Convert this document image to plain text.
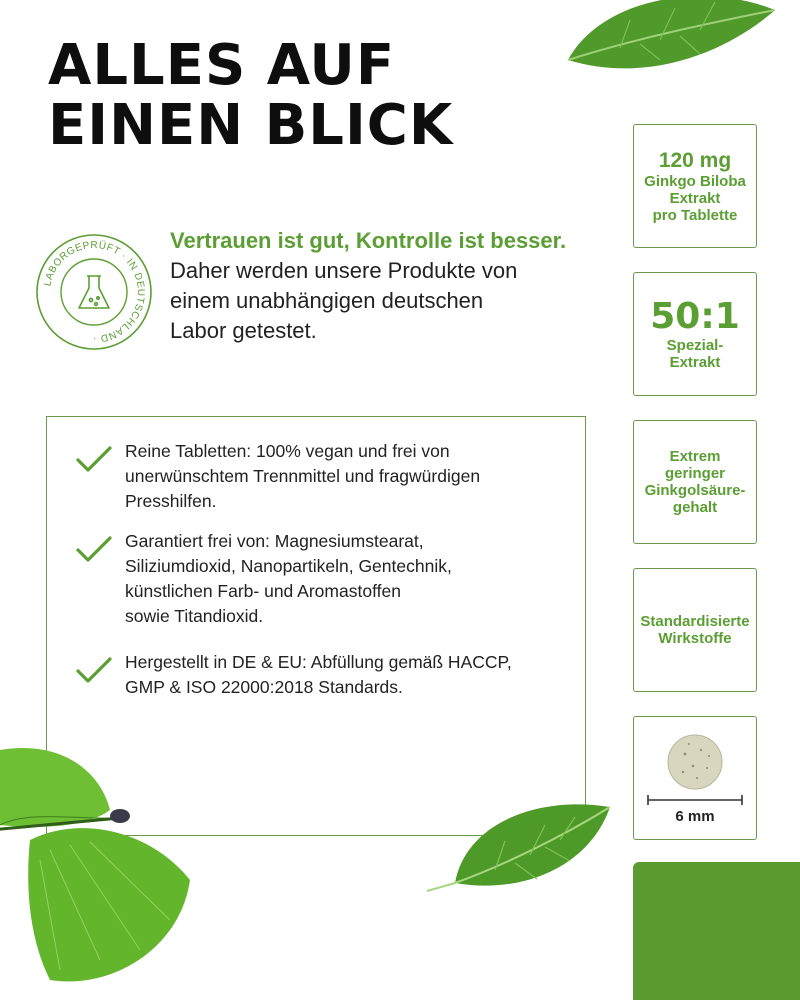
ALLES AUF
EINEN BLICK
LABORGEPRÜFT · IN DEUTSCHLAND ·
Vertrauen ist gut, Kontrolle ist besser.
Daher werden unsere Produkte von
einem unabhängigen deutschen
Labor getestet.
Reine Tabletten: 100% vegan und frei von
unerwünschtem Trennmittel und fragwürdigen
Presshilfen.
Garantiert frei von: Magnesiumstearat,
Siliziumdioxid, Nanopartikeln, Gentechnik,
künstlichen Farb- und Aromastoffen
sowie Titandioxid.
Hergestellt in DE & EU: Abfüllung gemäß HACCP,
GMP & ISO 22000:2018 Standards.
120 mg
Ginkgo Biloba
Extrakt
pro Tablette
50:1
Spezial-
Extrakt
Extrem
geringer
Ginkgolsäure-
gehalt
Standardisierte
Wirkstoffe
6 mm
